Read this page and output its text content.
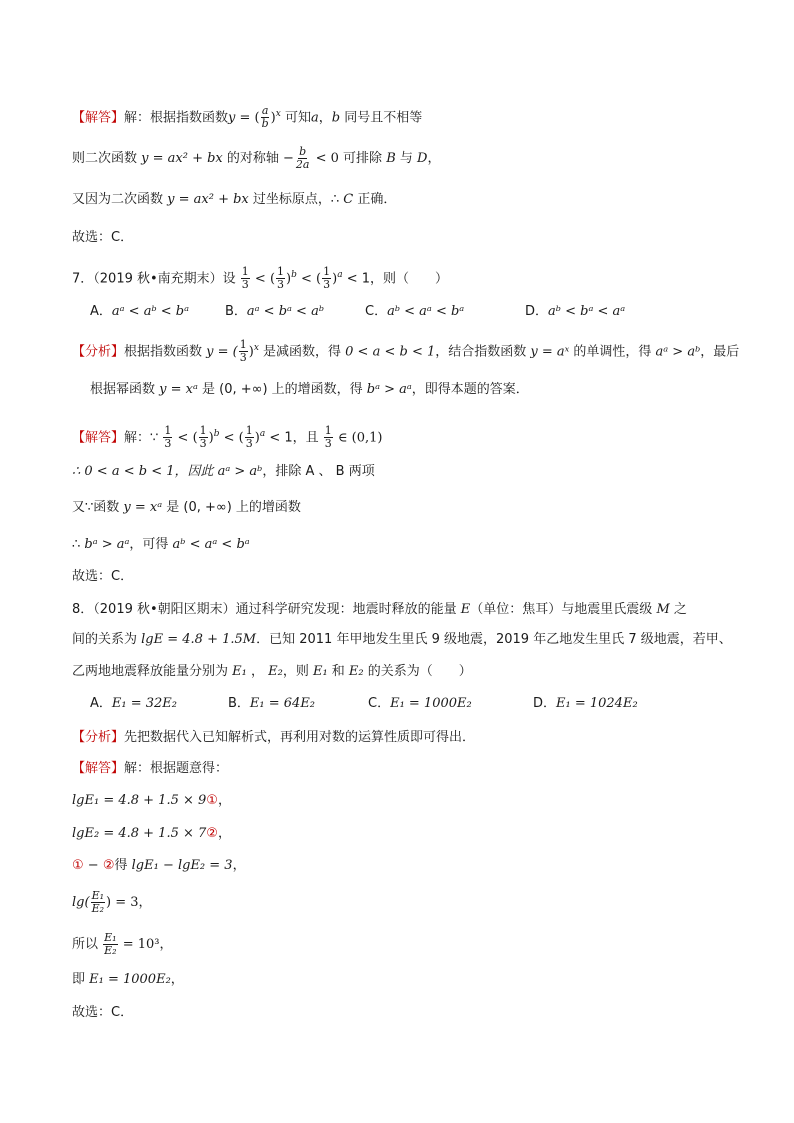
【解答】解：根据指数函数y = ( $\frac{a}{b} )^x$ 可知a，b 同号且不相等
则二次函数 y = ax² + bx 的对称轴 − $\frac{b}{2a} < 0$ 可排除 B 与 D，
又因为二次函数 y = ax² + bx 过坐标原点，∴ C 正确．
故选：C．
7．（2019 秋•南充期末）设 $\frac{1}{3}$ < ( $\frac{1}{3} )^b$ < ( $\frac{1}{3} )^a < 1$，则（　　）
A．aᵃ < aᵇ < bᵃ	B．aᵃ < bᵃ < aᵇ	C．aᵇ < aᵃ < bᵃ	D．aᵇ < bᵃ < aᵃ
【分析】根据指数函数 y = ( $\frac{1}{3} )^x$ 是减函数，得 0 < a < b < 1，结合指数函数 y = aˣ 的单调性，得 aᵃ > aᵇ，最后
根据幂函数 y = xᵃ 是 (0, +∞) 上的增函数，得 bᵃ > aᵃ，即得本题的答案．
【解答】解：∵ $\frac{1}{3}$ < ( $\frac{1}{3} )^b$ < ( $\frac{1}{3} )^a < 1$，且 $\frac{1}{3}$ ∈ (0,1)
∴ 0 < a < b < 1，因此 aᵃ > aᵇ，排除 A 、 B 两项
又∵函数 y = xᵃ 是 (0, +∞) 上的增函数
∴ bᵃ > aᵃ，可得 aᵇ < aᵃ < bᵃ
故选：C．
8．（2019 秋•朝阳区期末）通过科学研究发现：地震时释放的能量 E（单位：焦耳）与地震里氏震级 M 之
间的关系为 lgE = 4.8 + 1.5M．已知 2011 年甲地发生里氏 9 级地震，2019 年乙地发生里氏 7 级地震，若甲、
乙两地地震释放能量分别为 E₁ ， E₂，则 E₁ 和 E₂ 的关系为（　　）
A．E₁ = 32E₂	B．E₁ = 64E₂	C．E₁ = 1000E₂	D．E₁ = 1024E₂
【分析】先把数据代入已知解析式，再利用对数的运算性质即可得出．
【解答】解：根据题意得：
lgE₁ = 4.8 + 1.5 × 9①，
lgE₂ = 4.8 + 1.5 × 7②，
① − ②得 lgE₁ − lgE₂ = 3，
$\lg( \frac{\text{E₁}}{\text{E₂}}$ ) = 3，
所以 $\frac{\text{E₁}}{\text{E₂}} = 10^3$，
即 E₁ = 1000E₂，
故选：C．
